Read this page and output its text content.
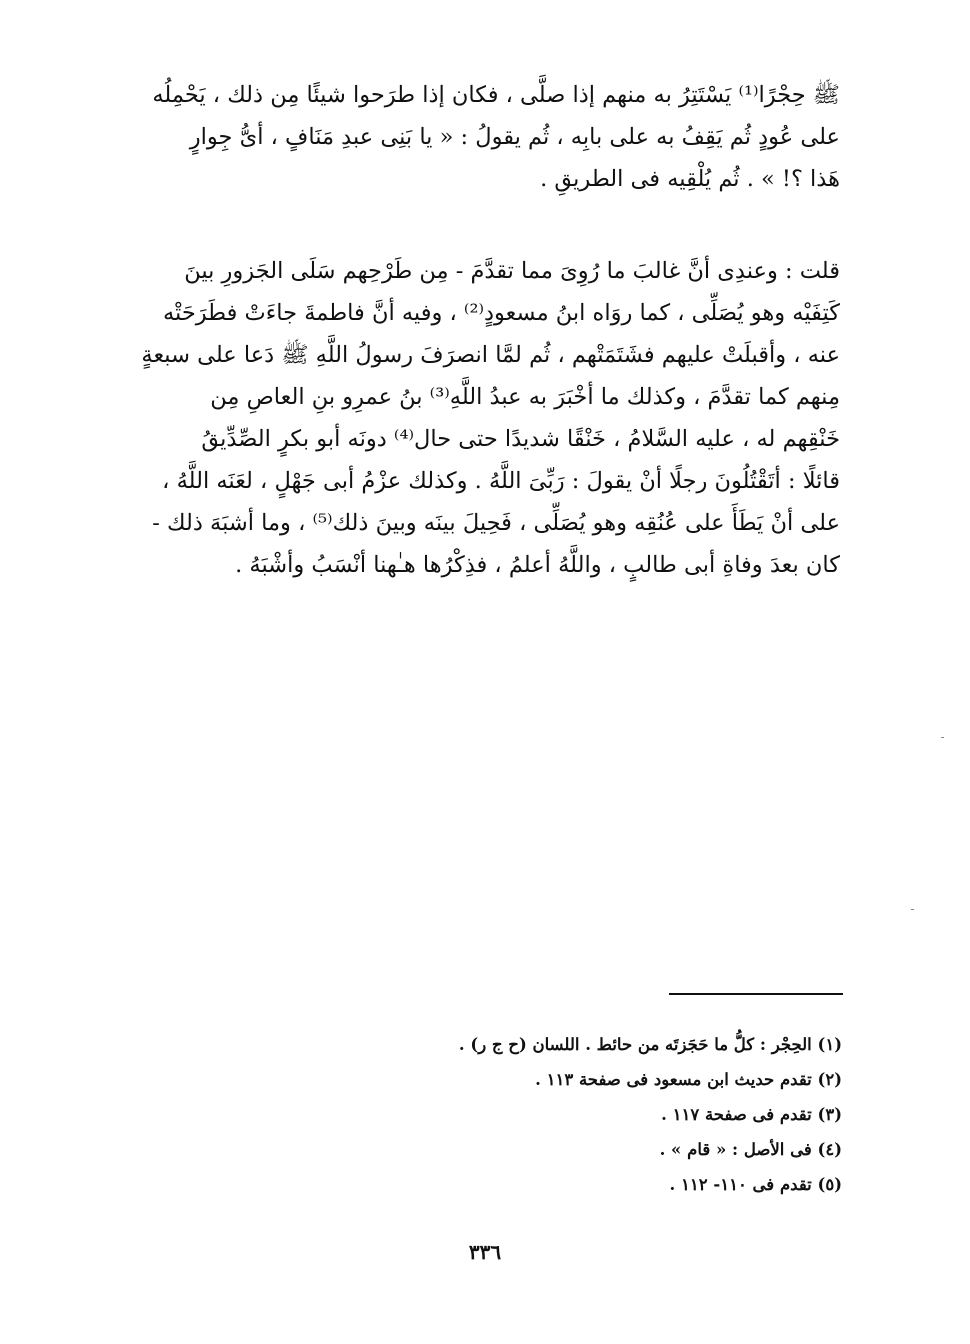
ﷺ حِجْرًا⁽¹⁾ يَسْتَتِرُ به منهم إذا صلَّى ، فكان إذا طرَحوا شيئًا مِن ذلك ، يَحْمِلُه
على عُودٍ ثُم يَقِفُ به على بابِه ، ثُم يقولُ : « يا بَنِى عبدِ مَنَافٍ ، أىُّ جِوارٍ
هَذا ؟! » . ثُم يُلْقِيه فى الطريقِ .
قلت : وعندِى أنَّ غالبَ ما رُوِىَ مما تقدَّمَ - مِن طَرْحِهم سَلَى الجَزورِ بينَ
كَتِفَيْه وهو يُصَلِّى ، كما روَاه ابنُ مسعودٍ⁽²⁾ ، وفيه أنَّ فاطمةَ جاءَتْ فطَرَحَتْه
عنه ، وأقبلَتْ عليهم فشَتَمَتْهم ، ثُم لمَّا انصرَفَ رسولُ اللَّهِ ﷺ دَعا على سبعةٍ
مِنهم كما تقدَّمَ ، وكذلك ما أخْبَرَ به عبدُ اللَّهِ⁽³⁾ بنُ عمرِو بنِ العاصِ مِن
خَنْقِهم له ، عليه السَّلامُ ، خَنْقًا شديدًا حتى حال⁽⁴⁾ دونَه أبو بكرٍ الصِّدِّيقُ
قائلًا : أتَقْتُلُونَ رجلًا أنْ يقولَ : رَبِّىَ اللَّهُ . وكذلك عزْمُ أبى جَهْلٍ ، لعَنَه اللَّهُ ،
على أنْ يَطَأَ على عُنُقِه وهو يُصَلِّى ، فَحِيلَ بينَه وبينَ ذلك⁽⁵⁾ ، وما أشبَهَ ذلك -
كان بعدَ وفاةِ أبى طالبٍ ، واللَّهُ أعلمُ ، فذِكْرُها هـٰهنا أنْسَبُ وأشْبَهُ .
(١) الحِجْر : كلُّ ما حَجَزتَه من حائط . اللسان (ح ج ر) .
(٢) تقدم حديث ابن مسعود فى صفحة ١١٣ .
(٣) تقدم فى صفحة ١١٧ .
(٤) فى الأصل : « قام » .
(٥) تقدم فى ١١٠- ١١٢ .
٣٣٦
